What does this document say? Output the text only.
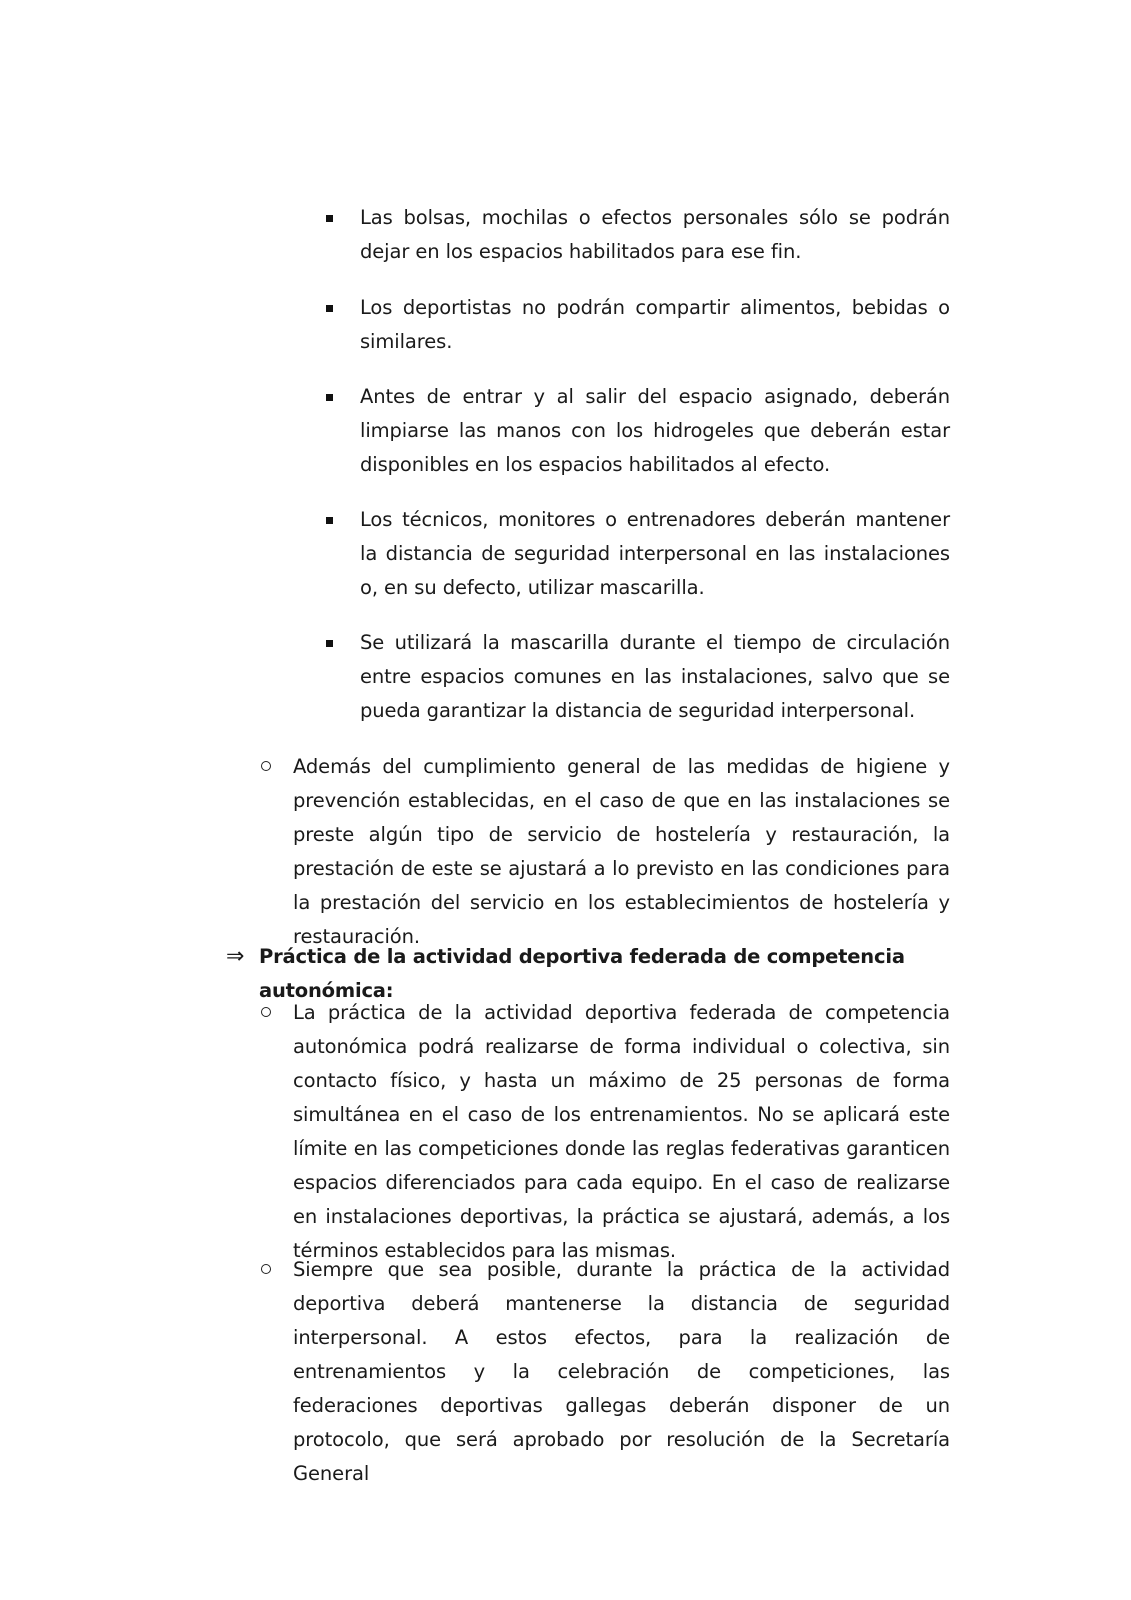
Las bolsas, mochilas o efectos personales sólo se podrán dejar en los espacios habilitados para ese fin.
Los deportistas no podrán compartir alimentos, bebidas o similares.
Antes de entrar y al salir del espacio asignado, deberán limpiarse las manos con los hidrogeles que deberán estar disponibles en los espacios habilitados al efecto.
Los técnicos, monitores o entrenadores deberán mantener la distancia de seguridad interpersonal en las instalaciones o, en su defecto, utilizar mascarilla.
Se utilizará la mascarilla durante el tiempo de circulación entre espacios comunes en las instalaciones, salvo que se pueda garantizar la distancia de seguridad interpersonal.
Además del cumplimiento general de las medidas de higiene y prevención establecidas, en el caso de que en las instalaciones se preste algún tipo de servicio de hostelería y restauración, la prestación de este se ajustará a lo previsto en las condiciones para la prestación del servicio en los establecimientos de hostelería y restauración.
⇒ Práctica de la actividad deportiva federada de competencia autonómica:
La práctica de la actividad deportiva federada de competencia autonómica podrá realizarse de forma individual o colectiva, sin contacto físico, y hasta un máximo de 25 personas de forma simultánea en el caso de los entrenamientos. No se aplicará este límite en las competiciones donde las reglas federativas garanticen espacios diferenciados para cada equipo. En el caso de realizarse en instalaciones deportivas, la práctica se ajustará, además, a los términos establecidos para las mismas.
Siempre que sea posible, durante la práctica de la actividad deportiva deberá mantenerse la distancia de seguridad interpersonal. A estos efectos, para la realización de entrenamientos y la celebración de competiciones, las federaciones deportivas gallegas deberán disponer de un protocolo, que será aprobado por resolución de la Secretaría General
